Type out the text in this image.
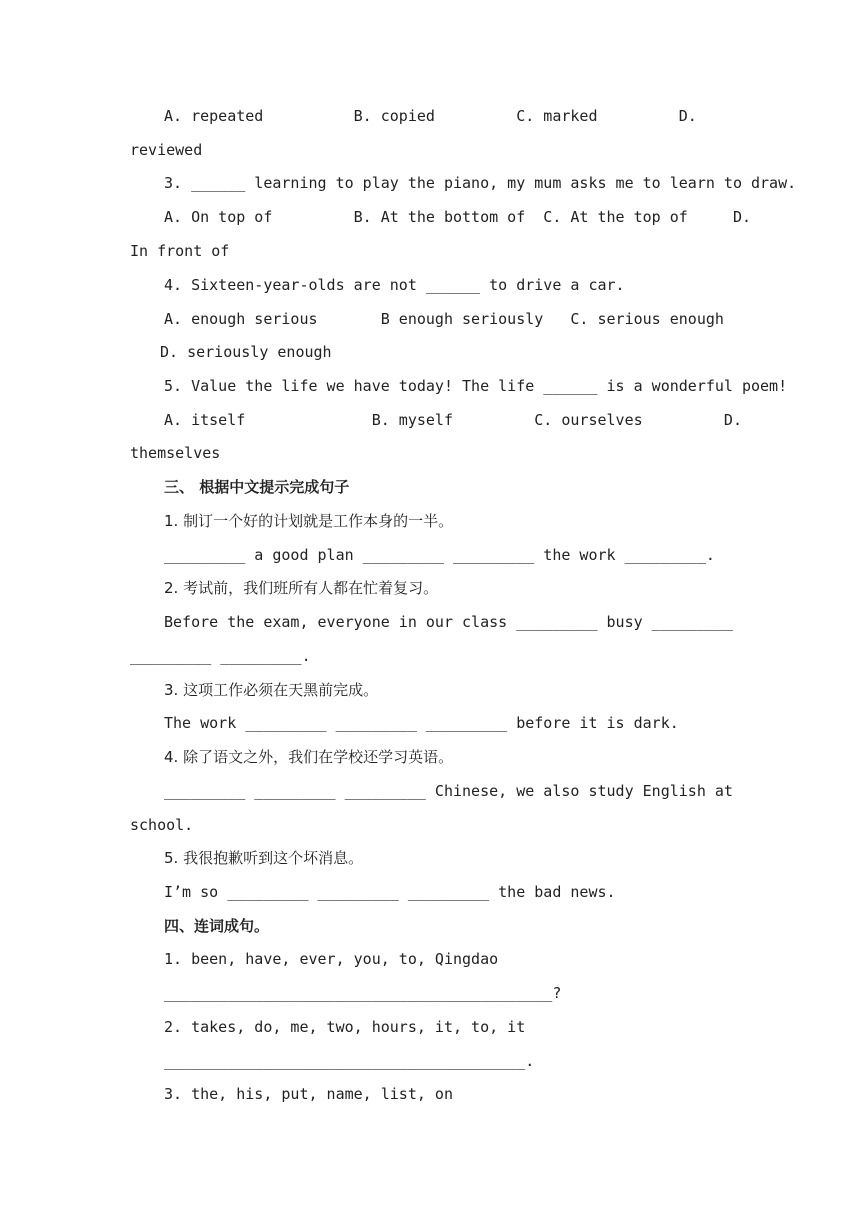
A. repeated          B. copied         C. marked         D.
reviewed
3. ______ learning to play the piano, my mum asks me to learn to draw.
A. On top of         B. At the bottom of  C. At the top of     D.
In front of
4. Sixteen-year-olds are not ______ to drive a car.
A. enough serious       B enough seriously   C. serious enough
D. seriously enough
5. Value the life we have today! The life ______ is a wonderful poem!
A. itself              B. myself         C. ourselves         D.
themselves
三、 根据中文提示完成句子
1. 制订一个好的计划就是工作本身的一半。
_________ a good plan _________ _________ the work _________.
2. 考试前，我们班所有人都在忙着复习。
Before the exam, everyone in our class _________ busy _________
_________ _________.
3. 这项工作必须在天黑前完成。
The work _________ _________ _________ before it is dark.
4. 除了语文之外，我们在学校还学习英语。
_________ _________ _________ Chinese, we also study English at
school.
5. 我很抱歉听到这个坏消息。
I’m so _________ _________ _________ the bad news.
四、连词成句。
1. been, have, ever, you, to, Qingdao
___________________________________________?
2. takes, do, me, two, hours, it, to, it
________________________________________.
3. the, his, put, name, list, on
